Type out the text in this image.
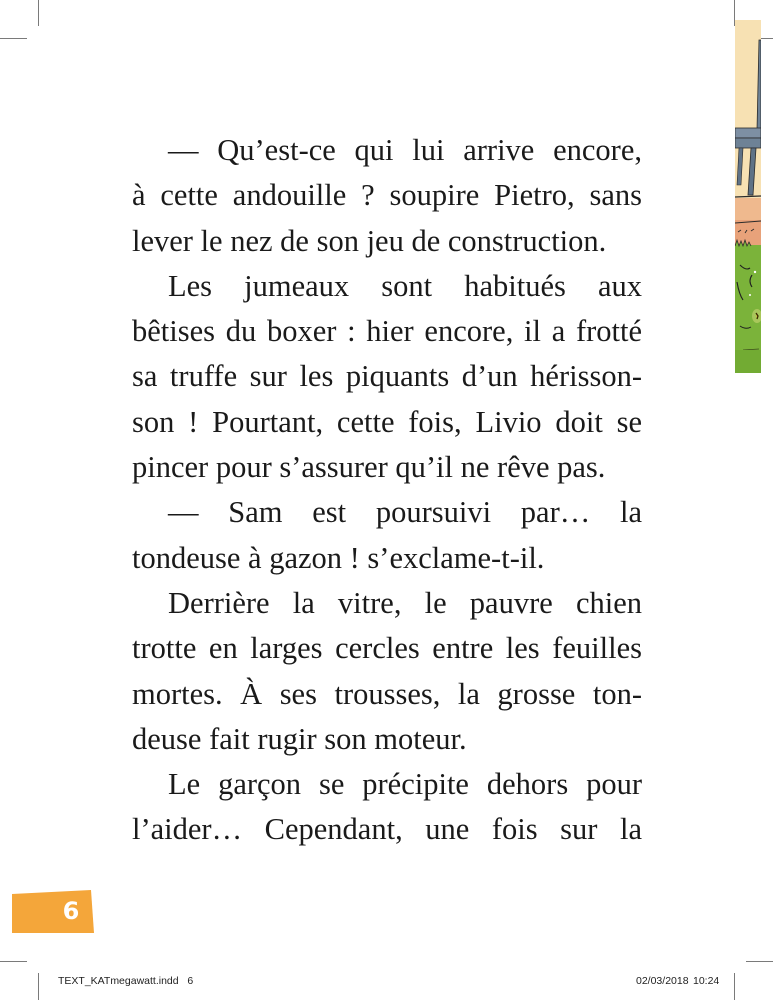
— Qu’est-ce qui lui arrive encore,
à cette andouille ? soupire Pietro, sans
lever le nez de son jeu de construction.
Les jumeaux sont habitués aux
bêtises du boxer : hier encore, il a frotté
sa truffe sur les piquants d’un hérisson-
son ! Pourtant, cette fois, Livio doit se
pincer pour s’assurer qu’il ne rêve pas.
— Sam est poursuivi par… la
tondeuse à gazon ! s’exclame-t-il.
Derrière la vitre, le pauvre chien
trotte en larges cercles entre les feuilles
mortes. À ses trousses, la grosse ton-
deuse fait rugir son moteur.
Le garçon se précipite dehors pour
l’aider… Cependant, une fois sur la
6
TEXT_KATmegawatt.indd   6	02/03/2018 10:24
